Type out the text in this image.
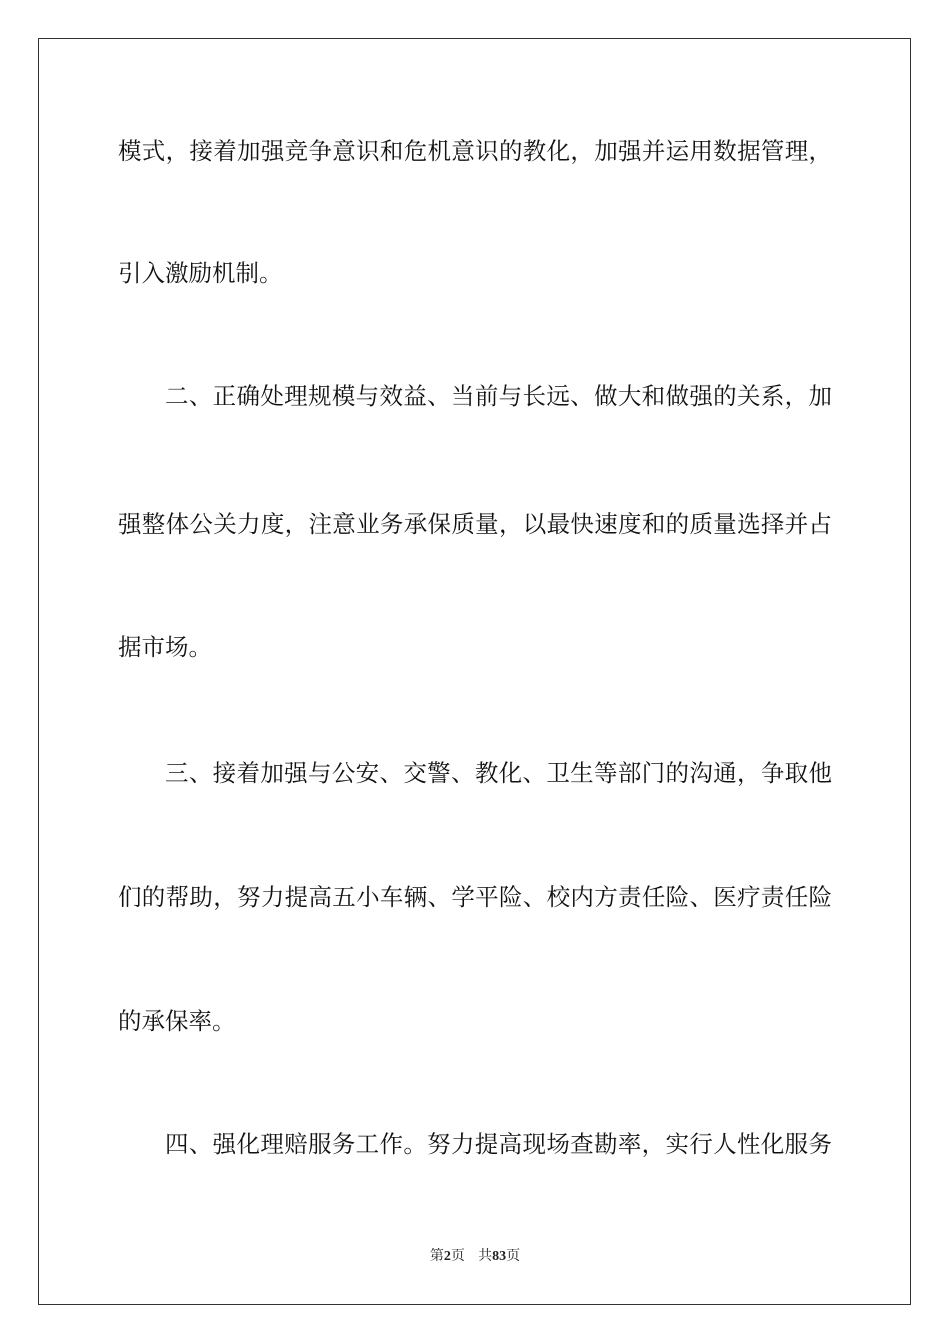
模式，接着加强竞争意识和危机意识的教化，加强并运用数据管理，
引入激励机制。
二、正确处理规模与效益、当前与长远、做大和做强的关系，加
强整体公关力度，注意业务承保质量，以最快速度和的质量选择并占
据市场。
三、接着加强与公安、交警、教化、卫生等部门的沟通，争取他
们的帮助，努力提高五小车辆、学平险、校内方责任险、医疗责任险
的承保率。
四、强化理赔服务工作。努力提高现场查勘率，实行人性化服务
第2页 共83页
